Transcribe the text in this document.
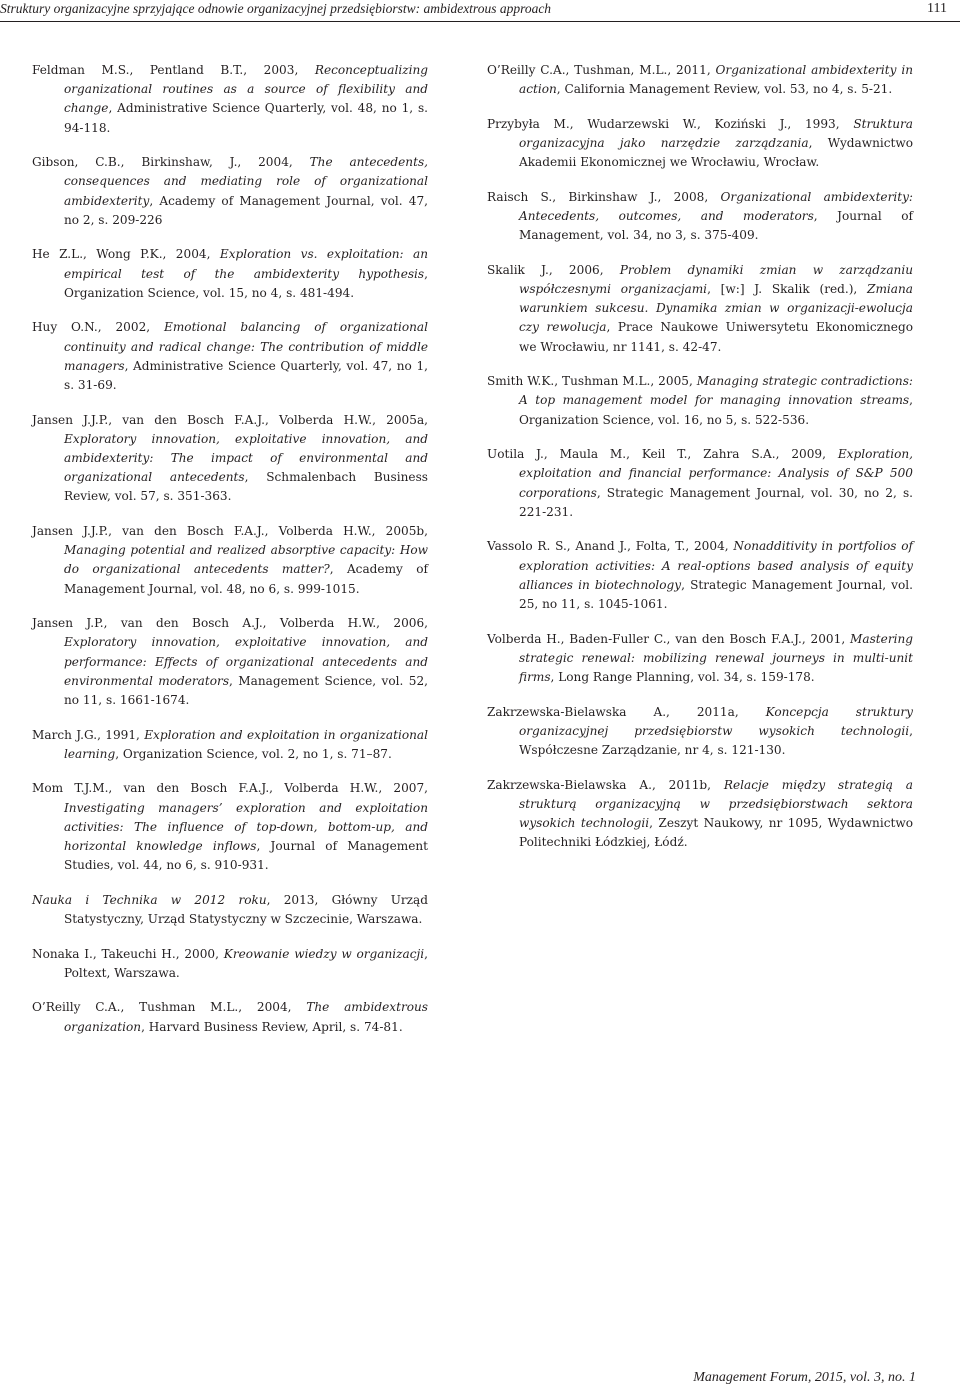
Struktury organizacyjne sprzyjające odnowie organizacyjnej przedsiębiorstw: ambidextrous approach	111

Feldman M.S., Pentland B.T., 2003, Reconceptualizing organizational routines as a source of flexibility and change, Administrative Science Quarterly, vol. 48, no 1, s. 94-118.

Gibson, C.B., Birkinshaw, J., 2004, The antecedents, consequences and mediating role of organizational ambidexterity, Academy of Management Journal, vol. 47, no 2, s. 209-226

He Z.L., Wong P.K., 2004, Exploration vs. exploitation: an empirical test of the ambidexterity hypothesis, Organization Science, vol. 15, no 4, s. 481-494.

Huy O.N., 2002, Emotional balancing of organizational continuity and radical change: The contribution of middle managers, Administrative Science Quarterly, vol. 47, no 1, s. 31-69.

Jansen J.J.P., van den Bosch F.A.J., Volberda H.W., 2005a, Exploratory innovation, exploitative innovation, and ambidexterity: The impact of environmental and organizational antecedents, Schmalenbach Business Review, vol. 57, s. 351-363.

Jansen J.J.P., van den Bosch F.A.J., Volberda H.W., 2005b, Managing potential and realized absorptive capacity: How do organizational antecedents matter?, Academy of Management Journal, vol. 48, no 6, s. 999-1015.

Jansen J.P., van den Bosch A.J., Volberda H.W., 2006, Exploratory innovation, exploitative innovation, and performance: Effects of organizational antecedents and environmental moderators, Management Science, vol. 52, no 11, s. 1661-1674.

March J.G., 1991, Exploration and exploitation in organizational learning, Organization Science, vol. 2, no 1, s. 71–87.

Mom T.J.M., van den Bosch F.A.J., Volberda H.W., 2007, Investigating managers’ exploration and exploitation activities: The influence of top-down, bottom-up, and horizontal knowledge inflows, Journal of Management Studies, vol. 44, no 6, s. 910-931.

Nauka i Technika w 2012 roku, 2013, Główny Urząd Statystyczny, Urząd Statystyczny w Szczecinie, Warszawa.

Nonaka I., Takeuchi H., 2000, Kreowanie wiedzy w organizacji, Poltext, Warszawa.

O’Reilly C.A., Tushman M.L., 2004, The ambidextrous organization, Harvard Business Review, April, s. 74-81.

O’Reilly C.A., Tushman, M.L., 2011, Organizational ambidexterity in action, California Management Review, vol. 53, no 4, s. 5-21.

Przybyła M., Wudarzewski W., Koziński J., 1993, Struktura organizacyjna jako narzędzie zarządzania, Wydawnictwo Akademii Ekonomicznej we Wrocławiu, Wrocław.

Raisch S., Birkinshaw J., 2008, Organizational ambidexterity: Antecedents, outcomes, and moderators, Journal of Management, vol. 34, no 3, s. 375-409.

Skalik J., 2006, Problem dynamiki zmian w zarządzaniu współczesnymi organizacjami, [w:] J. Skalik (red.), Zmiana warunkiem sukcesu. Dynamika zmian w organizacji-ewolucja czy rewolucja, Prace Naukowe Uniwersytetu Ekonomicznego we Wrocławiu, nr 1141, s. 42-47.

Smith W.K., Tushman M.L., 2005, Managing strategic contradictions: A top management model for managing innovation streams, Organization Science, vol. 16, no 5, s. 522-536.

Uotila J., Maula M., Keil T., Zahra S.A., 2009, Exploration, exploitation and financial performance: Analysis of S&P 500 corporations, Strategic Management Journal, vol. 30, no 2, s. 221-231.

Vassolo R. S., Anand J., Folta, T., 2004, Nonadditivity in portfolios of exploration activities: A real-options based analysis of equity alliances in biotechnology, Strategic Management Journal, vol. 25, no 11, s. 1045-1061.

Volberda H., Baden-Fuller C., van den Bosch F.A.J., 2001, Mastering strategic renewal: mobilizing renewal journeys in multi-unit firms, Long Range Planning, vol. 34, s. 159-178.

Zakrzewska-Bielawska A., 2011a, Koncepcja struktury organizacyjnej przedsiębiorstw wysokich technologii, Współczesne Zarządzanie, nr 4, s. 121-130.

Zakrzewska-Bielawska A., 2011b, Relacje między strategią a strukturą organizacyjną w przedsiębiorstwach sektora wysokich technologii, Zeszyt Naukowy, nr 1095, Wydawnictwo Politechniki Łódzkiej, Łódź.

Management Forum, 2015, vol. 3, no. 1
